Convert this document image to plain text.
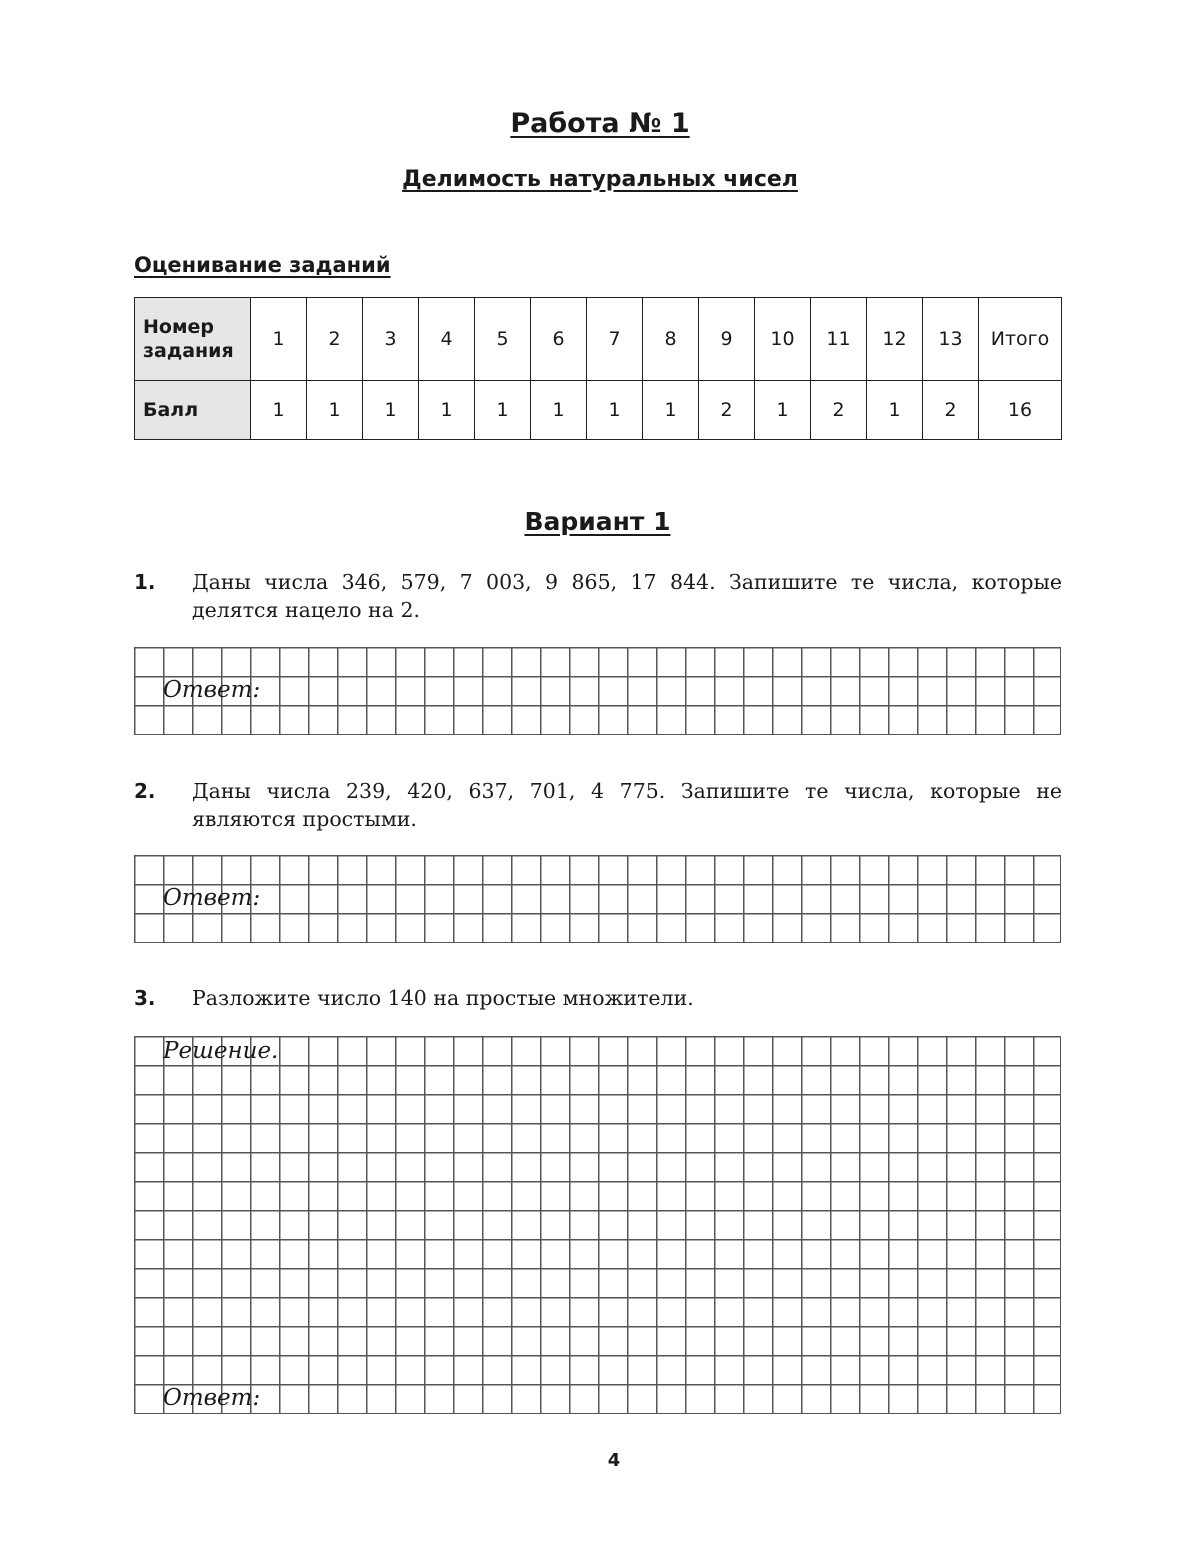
Работа № 1
Делимость натуральных чисел
Оценивание заданий
Номер
задания	1	2	3	4	5	6	7	8	9	10	11	12	13	Итого
Балл	1	1	1	1	1	1	1	1	2	1	2	1	2	16
Вариант 1
1. Даны числа 346, 579, 7 003, 9 865, 17 844. Запишите те числа, которые делятся нацело на 2.
Ответ:
2. Даны числа 239, 420, 637, 701, 4 775. Запишите те числа, которые не являются простыми.
Ответ:
3. Разложите число 140 на простые множители.
Решение.
Ответ:
4
